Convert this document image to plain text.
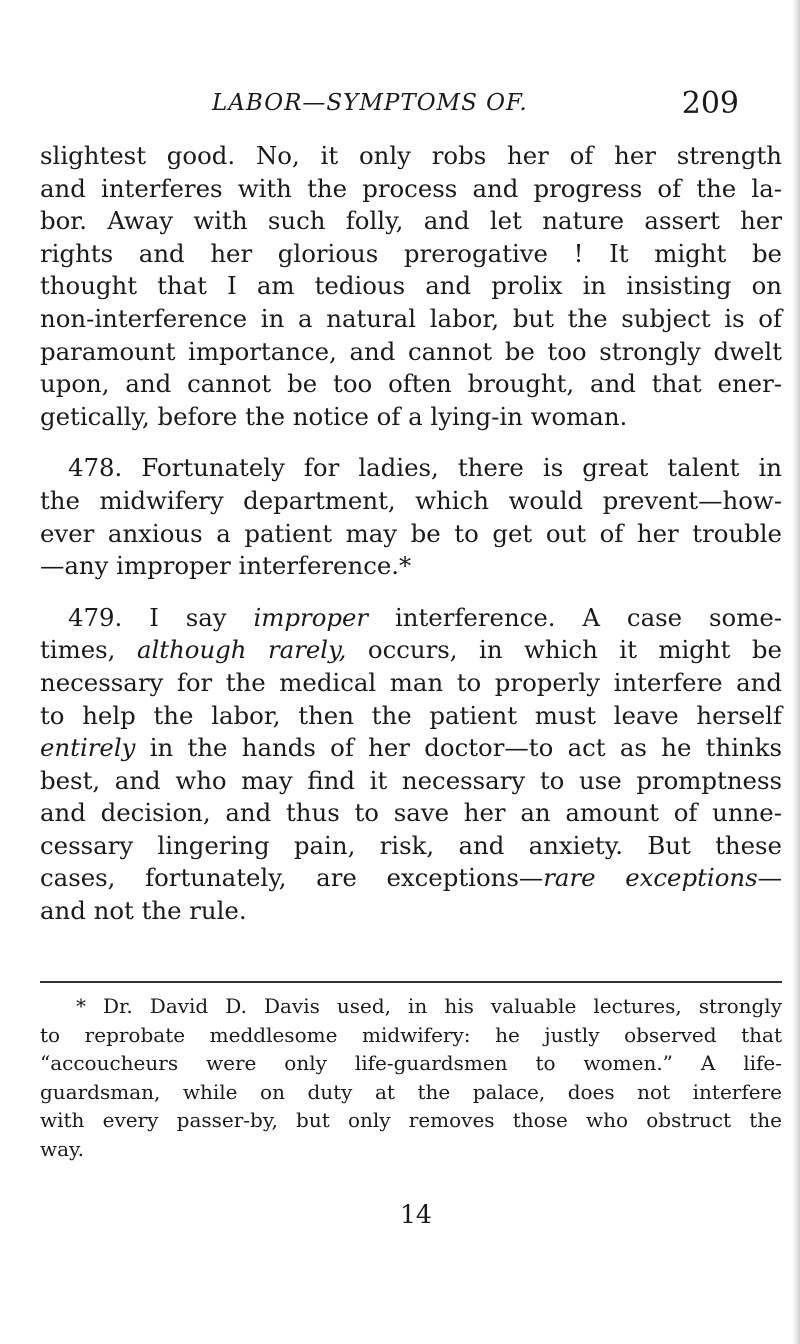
LABOR—SYMPTOMS OF.	209
slightest good. No, it only robs her of her strength
and interferes with the process and progress of the la-
bor. Away with such folly, and let nature assert her
rights and her glorious prerogative ! It might be
thought that I am tedious and prolix in insisting on
non-interference in a natural labor, but the subject is of
paramount importance, and cannot be too strongly dwelt
upon, and cannot be too often brought, and that ener-
getically, before the notice of a lying-in woman.
478. Fortunately for ladies, there is great talent in
the midwifery department, which would prevent—how-
ever anxious a patient may be to get out of her trouble
—any improper interference.*
479. I say improper interference. A case some-
times, although rarely, occurs, in which it might be
necessary for the medical man to properly interfere and
to help the labor, then the patient must leave herself
entirely in the hands of her doctor—to act as he thinks
best, and who may find it necessary to use promptness
and decision, and thus to save her an amount of unne-
cessary lingering pain, risk, and anxiety. But these
cases, fortunately, are exceptions—rare exceptions—
and not the rule.
* Dr. David D. Davis used, in his valuable lectures, strongly
to reprobate meddlesome midwifery: he justly observed that
“accoucheurs were only life-guardsmen to women.” A life-
guardsman, while on duty at the palace, does not interfere
with every passer-by, but only removes those who obstruct the
way.
14
